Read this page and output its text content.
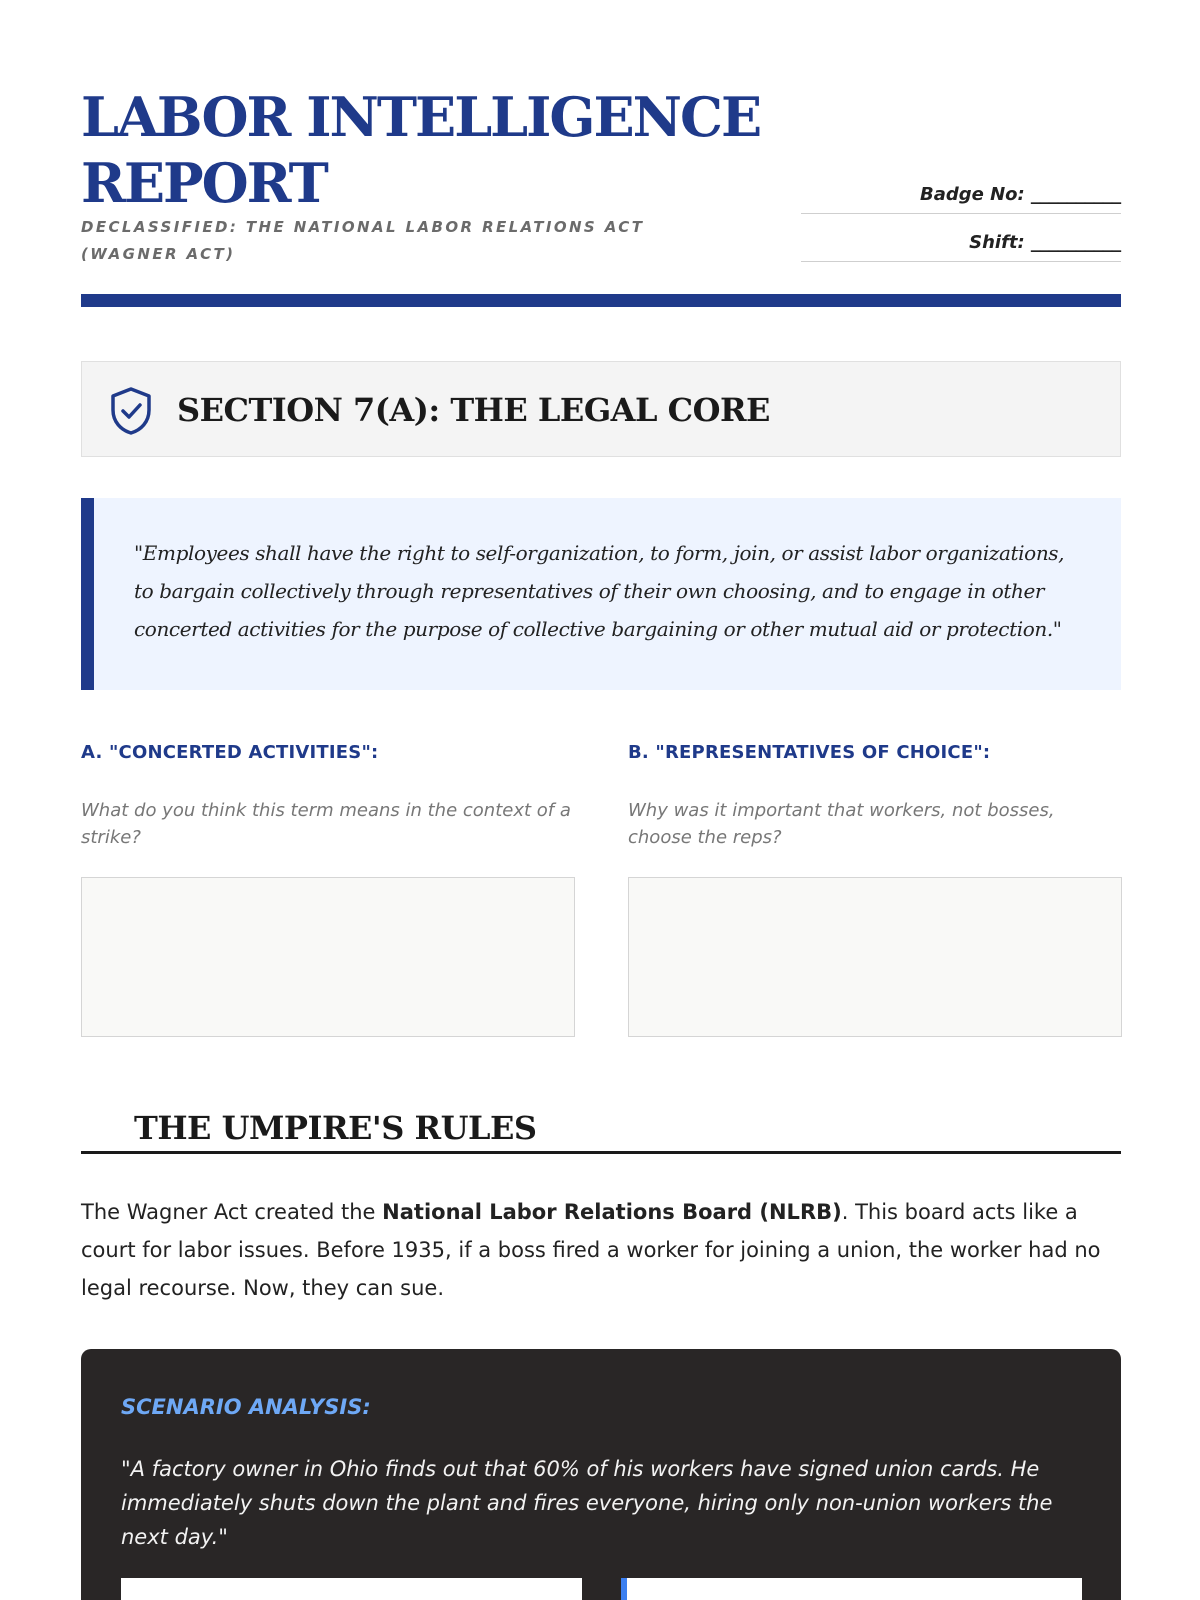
LABOR INTELLIGENCE
REPORT
DECLASSIFIED: THE NATIONAL LABOR RELATIONS ACT (WAGNER ACT)
Badge No: __________
Shift: __________
SECTION 7(A): THE LEGAL CORE
"Employees shall have the right to self-organization, to form, join, or assist labor organizations, to bargain collectively through representatives of their own choosing, and to engage in other concerted activities for the purpose of collective bargaining or other mutual aid or protection."
A. "CONCERTED ACTIVITIES":
What do you think this term means in the context of a strike?
B. "REPRESENTATIVES OF CHOICE":
Why was it important that workers, not bosses, choose the reps?
THE UMPIRE'S RULES
The Wagner Act created the National Labor Relations Board (NLRB). This board acts like a court for labor issues. Before 1935, if a boss fired a worker for joining a union, the worker had no legal recourse. Now, they can sue.
SCENARIO ANALYSIS:
"A factory owner in Ohio finds out that 60% of his workers have signed union cards. He immediately shuts down the plant and fires everyone, hiring only non-union workers the next day."
